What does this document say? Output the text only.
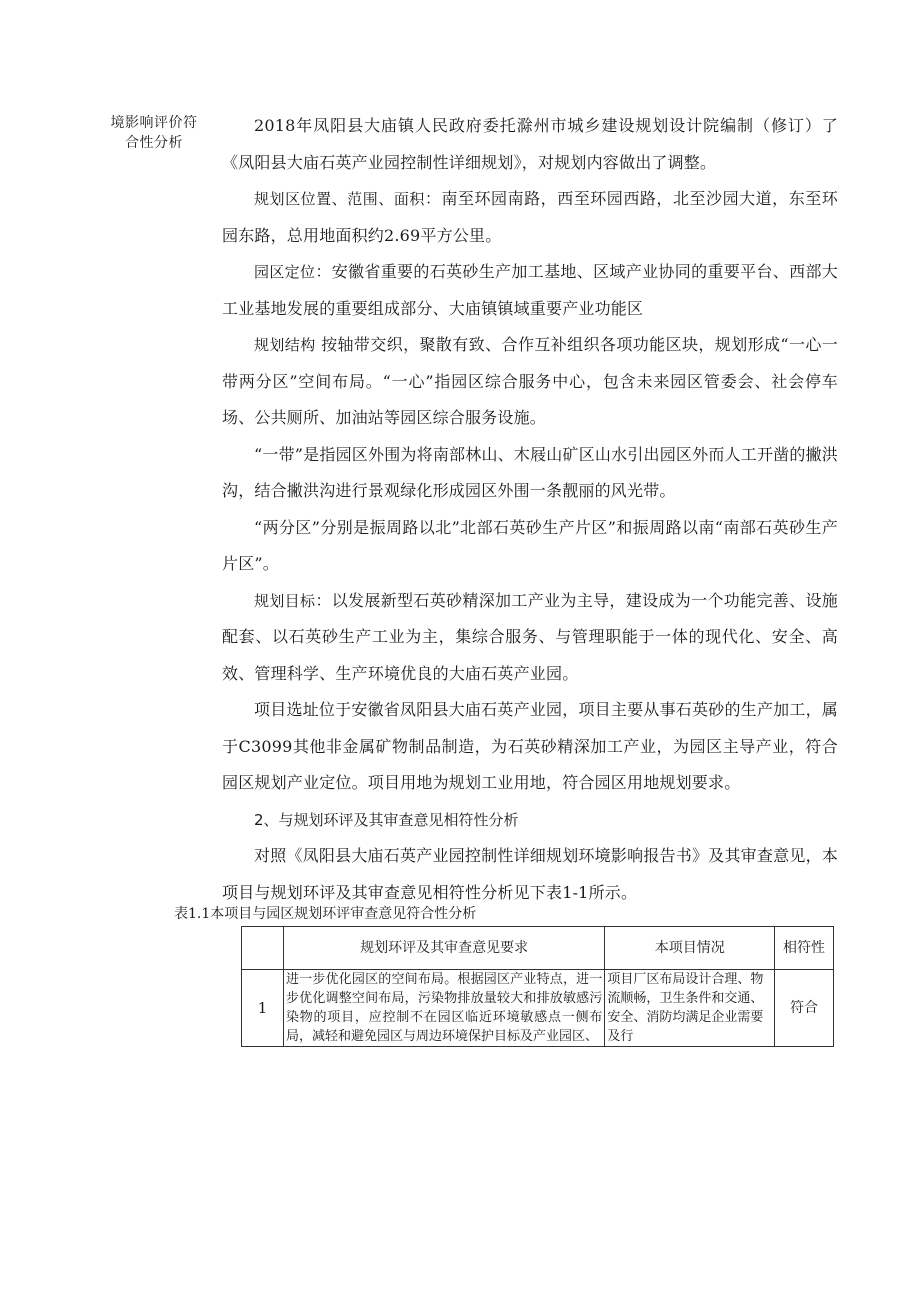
境影响评价符
合性分析

2018年凤阳县大庙镇人民政府委托滁州市城乡建设规划设计院编制（修订）了《凤阳县大庙石英产业园控制性详细规划》，对规划内容做出了调整。

规划区位置、范围、面积：南至环园南路，西至环园西路，北至沙园大道，东至环园东路，总用地面积约2.69平方公里。

园区定位：安徽省重要的石英砂生产加工基地、区域产业协同的重要平台、西部大工业基地发展的重要组成部分、大庙镇镇域重要产业功能区

规划结构 按轴带交织，聚散有致、合作互补组织各项功能区块，规划形成“一心一带两分区”空间布局。“一心”指园区综合服务中心，包含未来园区管委会、社会停车场、公共厕所、加油站等园区综合服务设施。

“一带”是指园区外围为将南部林山、木屐山矿区山水引出园区外而人工开凿的撇洪沟，结合撇洪沟进行景观绿化形成园区外围一条靓丽的风光带。

“两分区”分别是振周路以北”北部石英砂生产片区”和振周路以南“南部石英砂生产片区”。

规划目标：以发展新型石英砂精深加工产业为主导，建设成为一个功能完善、设施配套、以石英砂生产工业为主，集综合服务、与管理职能于一体的现代化、安全、高效、管理科学、生产环境优良的大庙石英产业园。

项目选址位于安徽省凤阳县大庙石英产业园，项目主要从事石英砂的生产加工，属于C3099其他非金属矿物制品制造，为石英砂精深加工产业，为园区主导产业，符合园区规划产业定位。项目用地为规划工业用地，符合园区用地规划要求。

2、与规划环评及其审查意见相符性分析

对照《凤阳县大庙石英产业园控制性详细规划环境影响报告书》及其审查意见，本项目与规划环评及其审查意见相符性分析见下表1-1所示。

表1.1本项目与园区规划环评审查意见符合性分析
	规划环评及其审查意见要求	本项目情况	相符性
1	进一步优化园区的空间布局。根据园区产业特点，进一步优化调整空间布局，污染物排放量较大和排放敏感污染物的项目，应控制不在园区临近环境敏感点一侧布局，减轻和避免园区与周边环境保护目标及产业园区、	项目厂区布局设计合理、物流顺畅，卫生条件和交通、安全、消防均满足企业需要及行	符合
